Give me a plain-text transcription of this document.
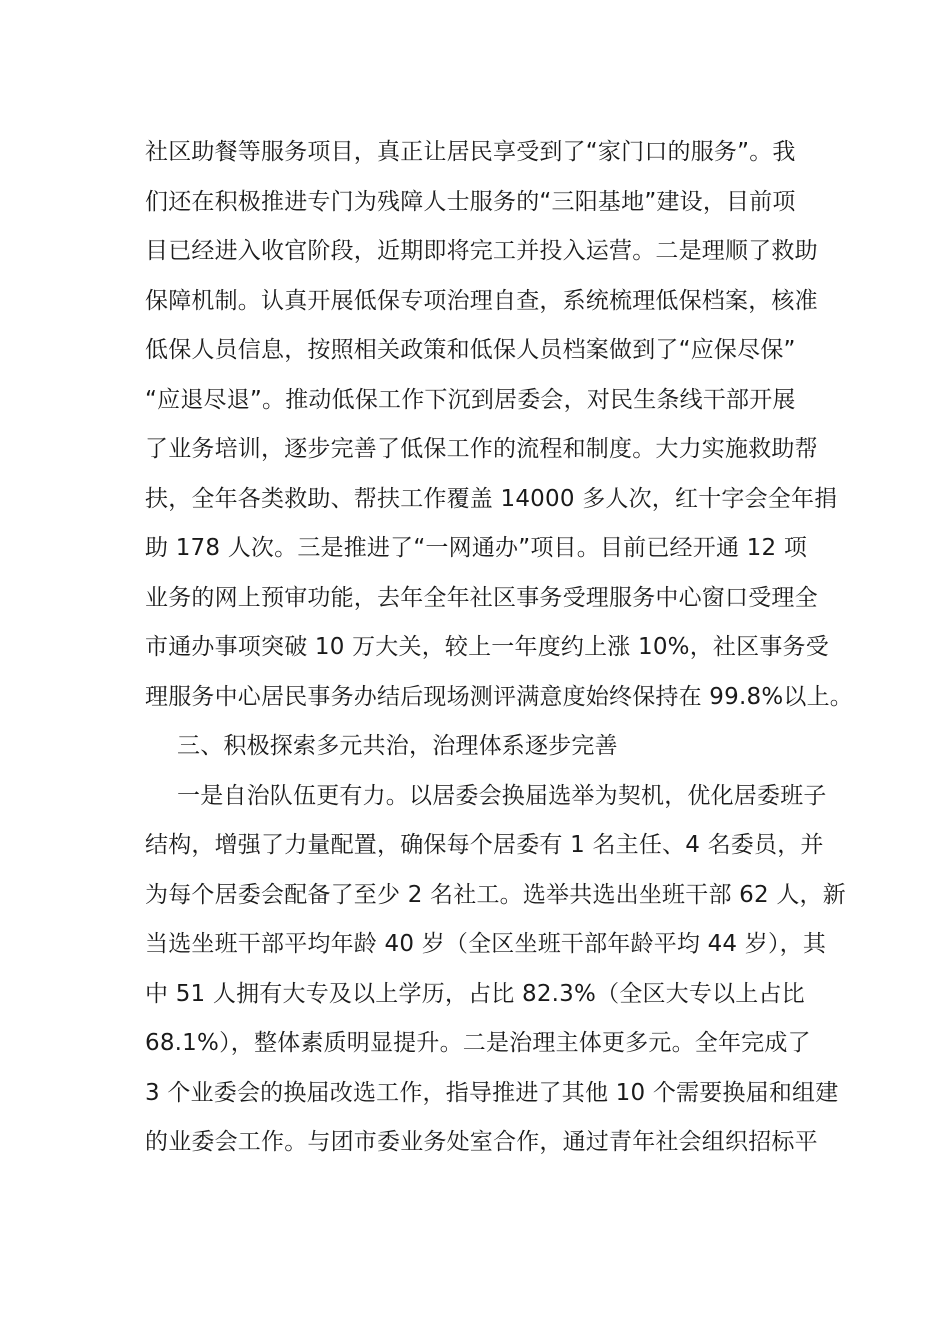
社区助餐等服务项目，真正让居民享受到了“家门口的服务”。我
们还在积极推进专门为残障人士服务的“三阳基地”建设，目前项
目已经进入收官阶段，近期即将完工并投入运营。二是理顺了救助
保障机制。认真开展低保专项治理自查，系统梳理低保档案，核准
低保人员信息，按照相关政策和低保人员档案做到了“应保尽保”
“应退尽退”。推动低保工作下沉到居委会，对民生条线干部开展
了业务培训，逐步完善了低保工作的流程和制度。大力实施救助帮
扶，全年各类救助、帮扶工作覆盖 14000 多人次，红十字会全年捐
助 178 人次。三是推进了“一网通办”项目。目前已经开通 12 项
业务的网上预审功能，去年全年社区事务受理服务中心窗口受理全
市通办事项突破 10 万大关，较上一年度约上涨 10%，社区事务受
理服务中心居民事务办结后现场测评满意度始终保持在 99.8%以上。
三、积极探索多元共治，治理体系逐步完善
一是自治队伍更有力。以居委会换届选举为契机，优化居委班子
结构，增强了力量配置，确保每个居委有 1 名主任、4 名委员，并
为每个居委会配备了至少 2 名社工。选举共选出坐班干部 62 人，新
当选坐班干部平均年龄 40 岁（全区坐班干部年龄平均 44 岁），其
中 51 人拥有大专及以上学历，占比 82.3%（全区大专以上占比
68.1%），整体素质明显提升。二是治理主体更多元。全年完成了
3 个业委会的换届改选工作，指导推进了其他 10 个需要换届和组建
的业委会工作。与团市委业务处室合作，通过青年社会组织招标平
